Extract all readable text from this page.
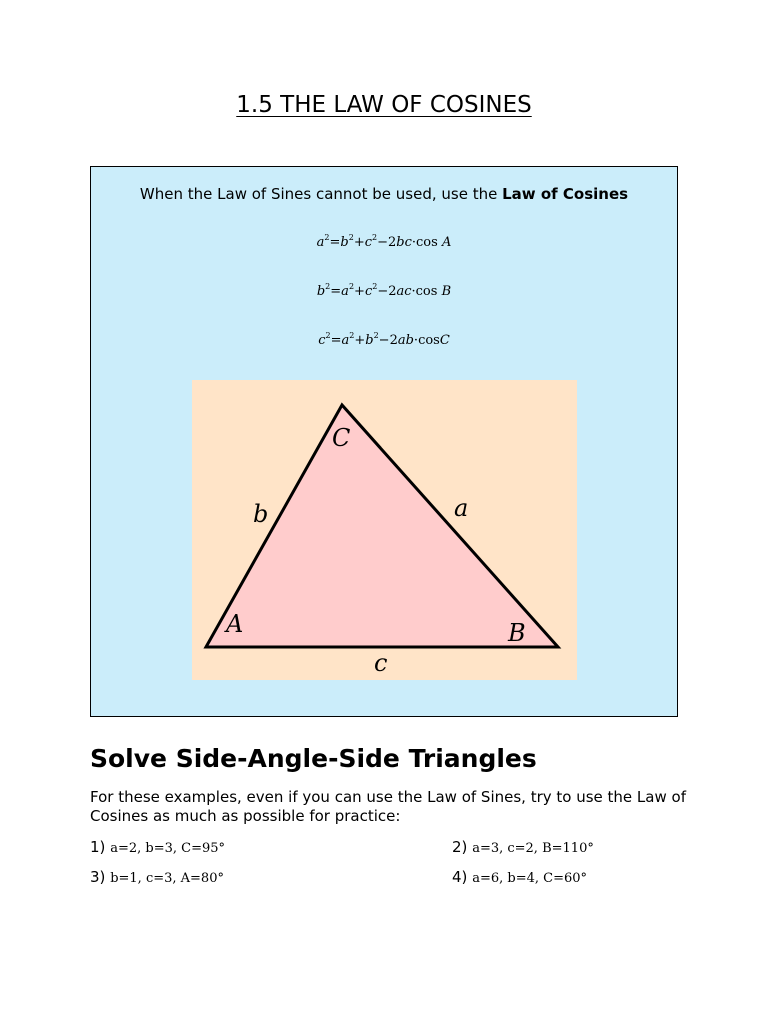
1.5 THE LAW OF COSINES
When the Law of Sines cannot be used, use the Law of Cosines
$a^2=b^2+c^2-2bc\cdot\cos$ A
$b^2=a^2+c^2-2ac\cdot\cos$ B
$c^2=a^2+b^2-2ab\cdot\cos C$
C
A	B
b	a
c
Solve Side-Angle-Side Triangles
For these examples, even if you can use the Law of Sines, try to use the Law of Cosines as much as possible for practice:
1) a=2, b=3, C=95°	2) a=3, c=2, B=110°
3) b=1, c=3, A=80°	4) a=6, b=4, C=60°
